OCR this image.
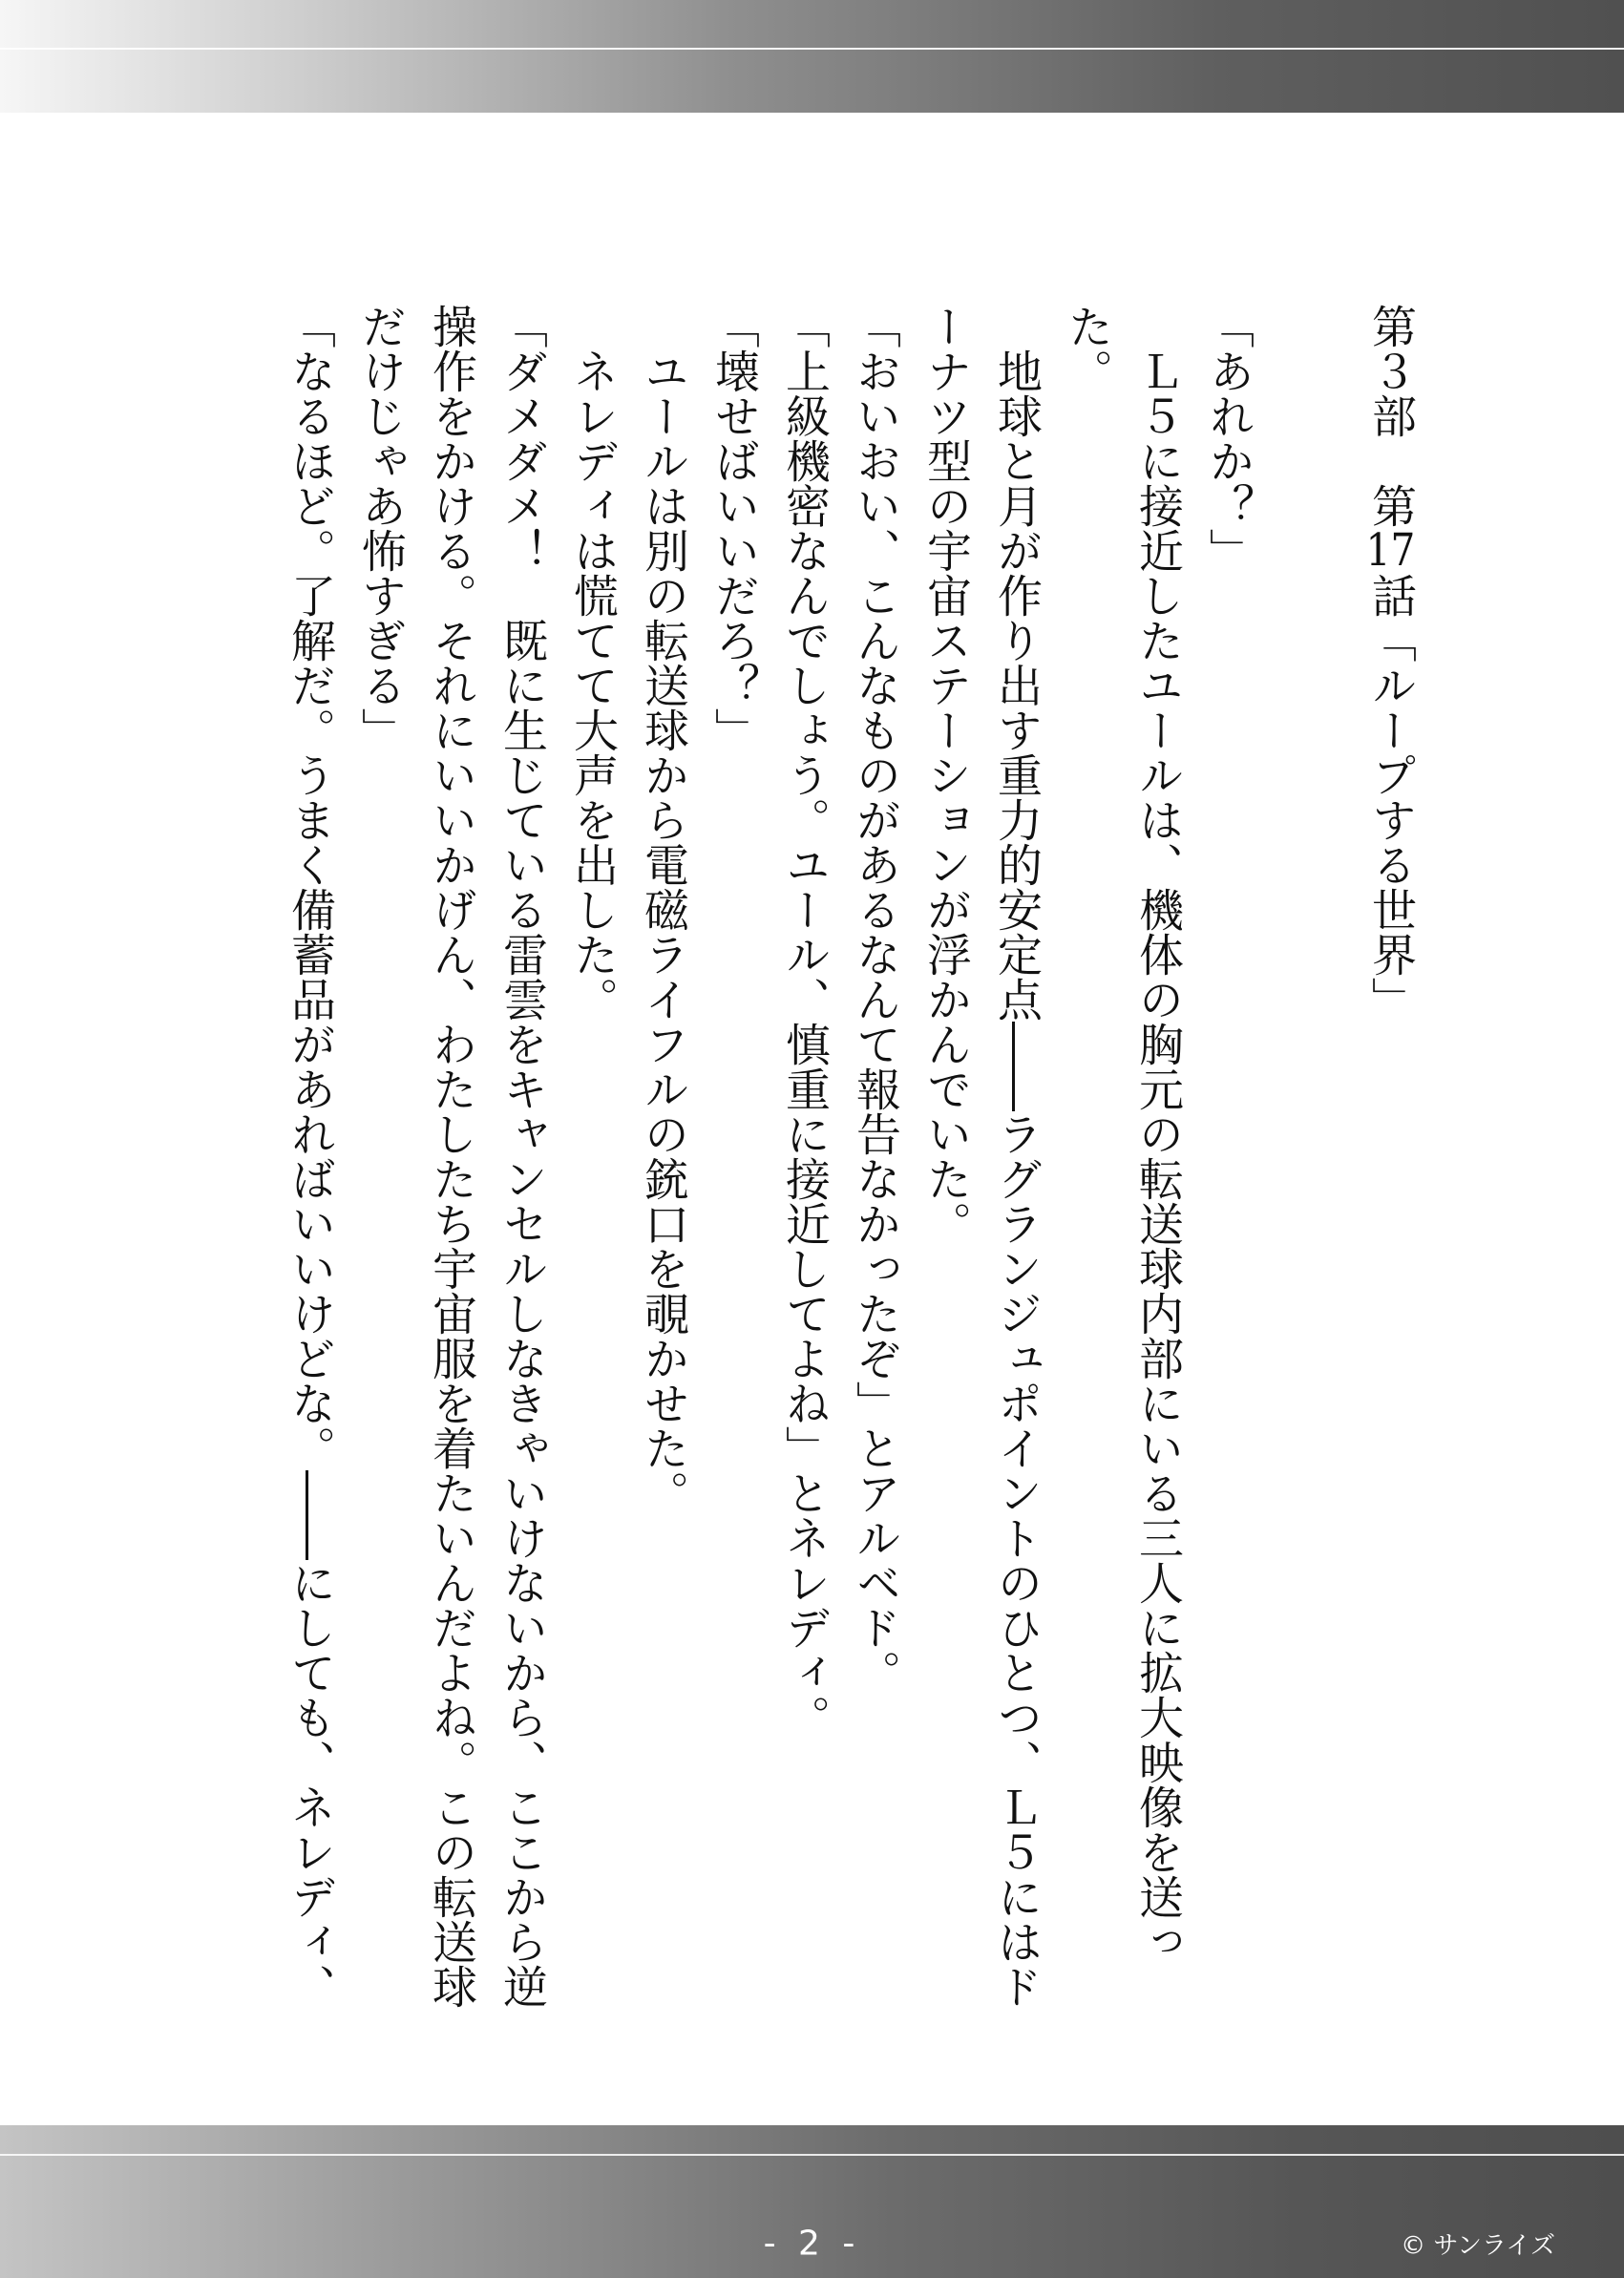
第３部　第17話「ループする世界」

「あれか？」

　Ｌ５に接近したユールは、機体の胸元の転送球内部にいる三人に拡大映像を送った。

　地球と月が作り出す重力的安定点――ラグランジュポイントのひとつ、Ｌ５にはドーナツ型の宇宙ステーションが浮かんでいた。

「おいおい、こんなものがあるなんて報告なかったぞ」とアルベド。

「上級機密なんでしょう。ユール、慎重に接近してよね」とネレディ。

「壊せばいいだろ？」

　ユールは別の転送球から電磁ライフルの銃口を覗かせた。

　ネレディは慌てて大声を出した。

「ダメダメ！　既に生じている雷雲をキャンセルしなきゃいけないから、ここから逆操作をかける。それにいいかげん、わたしたち宇宙服を着たいんだよね。この転送球だけじゃあ怖すぎる」

「なるほど。了解だ。うまく備蓄品があればいいけどな。――にしても、ネレディ、

- 2 -	© サンライズ
